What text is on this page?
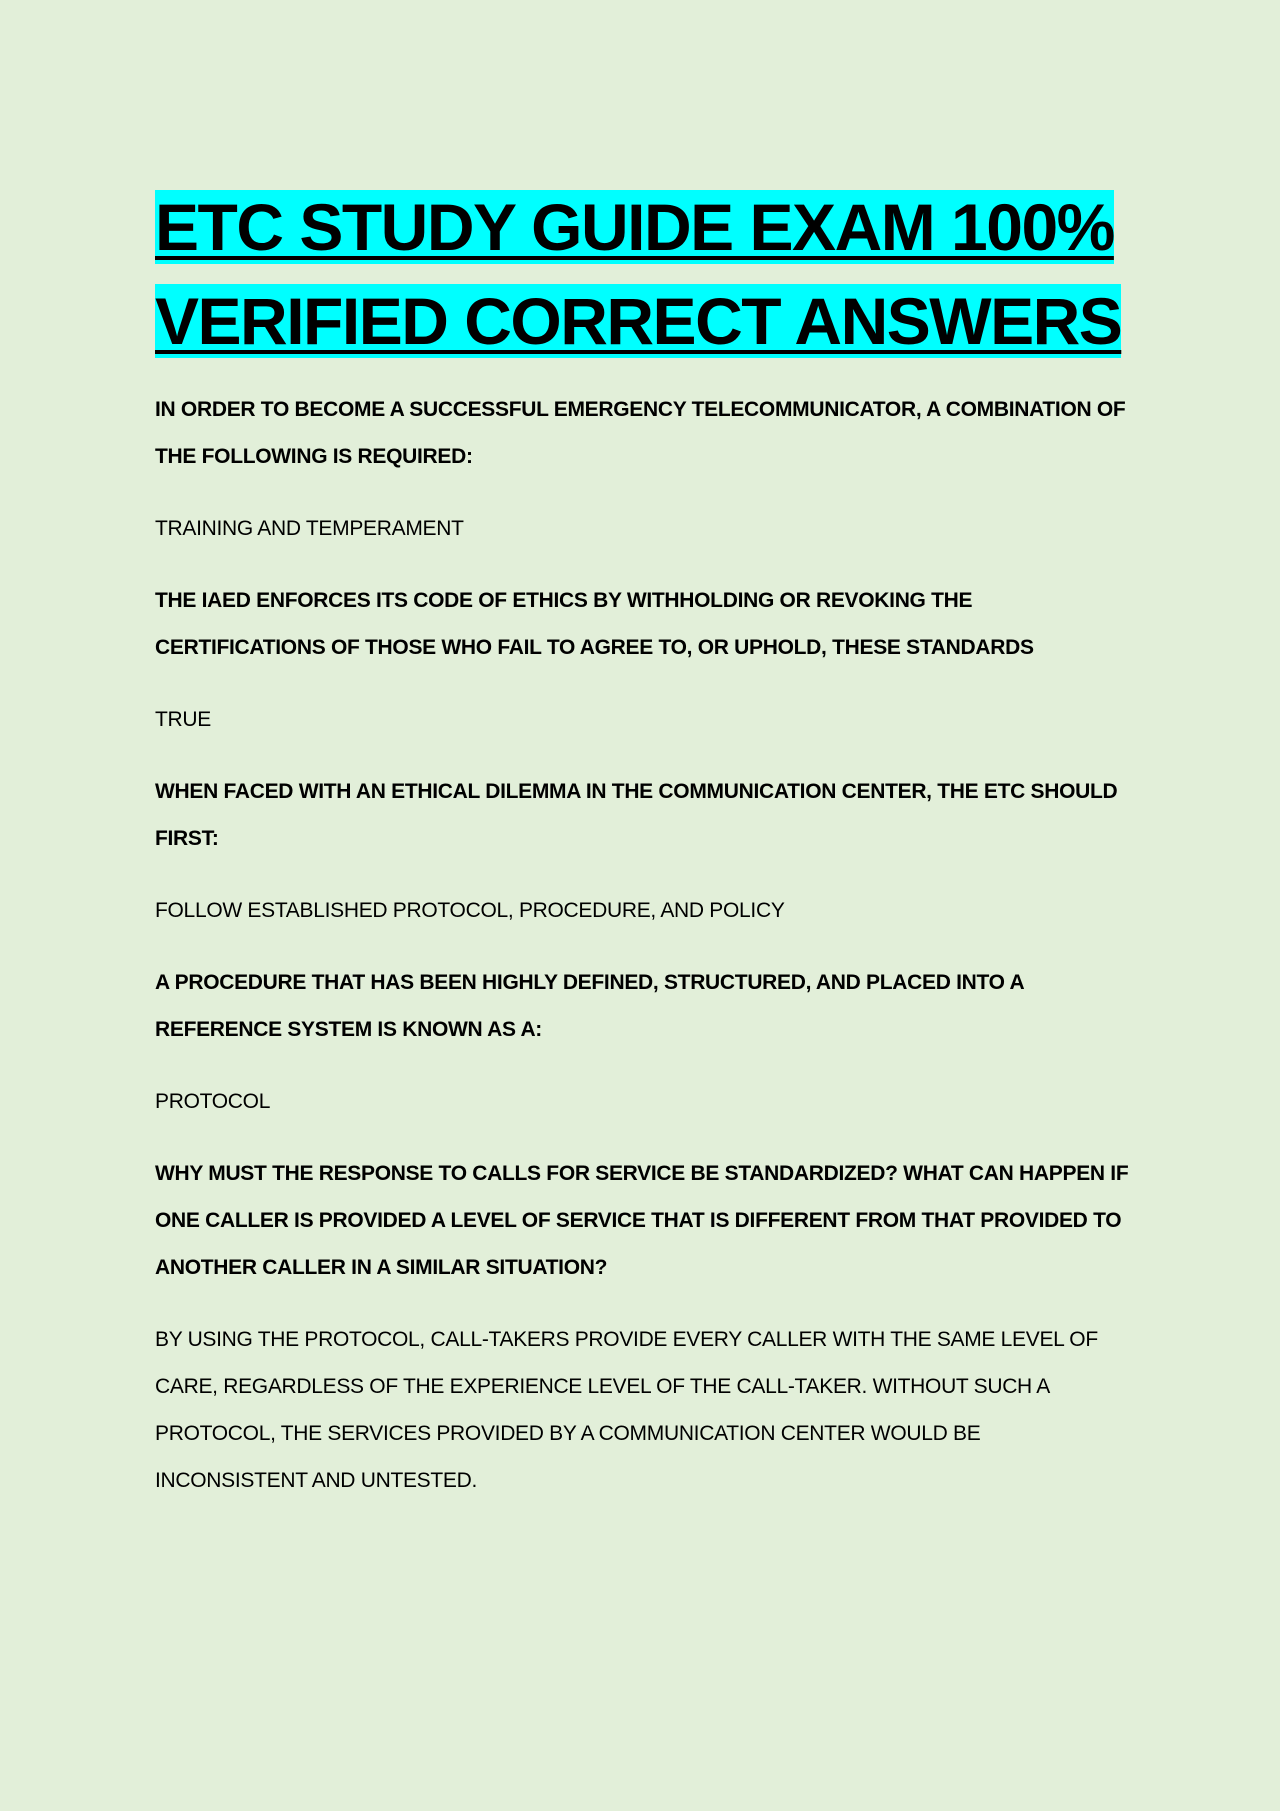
ETC STUDY GUIDE EXAM 100% VERIFIED CORRECT ANSWERS

IN ORDER TO BECOME A SUCCESSFUL EMERGENCY TELECOMMUNICATOR, A COMBINATION OF THE FOLLOWING IS REQUIRED:

TRAINING AND TEMPERAMENT

THE IAED ENFORCES ITS CODE OF ETHICS BY WITHHOLDING OR REVOKING THE CERTIFICATIONS OF THOSE WHO FAIL TO AGREE TO, OR UPHOLD, THESE STANDARDS

TRUE

WHEN FACED WITH AN ETHICAL DILEMMA IN THE COMMUNICATION CENTER, THE ETC SHOULD FIRST:

FOLLOW ESTABLISHED PROTOCOL, PROCEDURE, AND POLICY

A PROCEDURE THAT HAS BEEN HIGHLY DEFINED, STRUCTURED, AND PLACED INTO A REFERENCE SYSTEM IS KNOWN AS A:

PROTOCOL

WHY MUST THE RESPONSE TO CALLS FOR SERVICE BE STANDARDIZED? WHAT CAN HAPPEN IF ONE CALLER IS PROVIDED A LEVEL OF SERVICE THAT IS DIFFERENT FROM THAT PROVIDED TO ANOTHER CALLER IN A SIMILAR SITUATION?

BY USING THE PROTOCOL, CALL-TAKERS PROVIDE EVERY CALLER WITH THE SAME LEVEL OF CARE, REGARDLESS OF THE EXPERIENCE LEVEL OF THE CALL-TAKER. WITHOUT SUCH A PROTOCOL, THE SERVICES PROVIDED BY A COMMUNICATION CENTER WOULD BE INCONSISTENT AND UNTESTED.
